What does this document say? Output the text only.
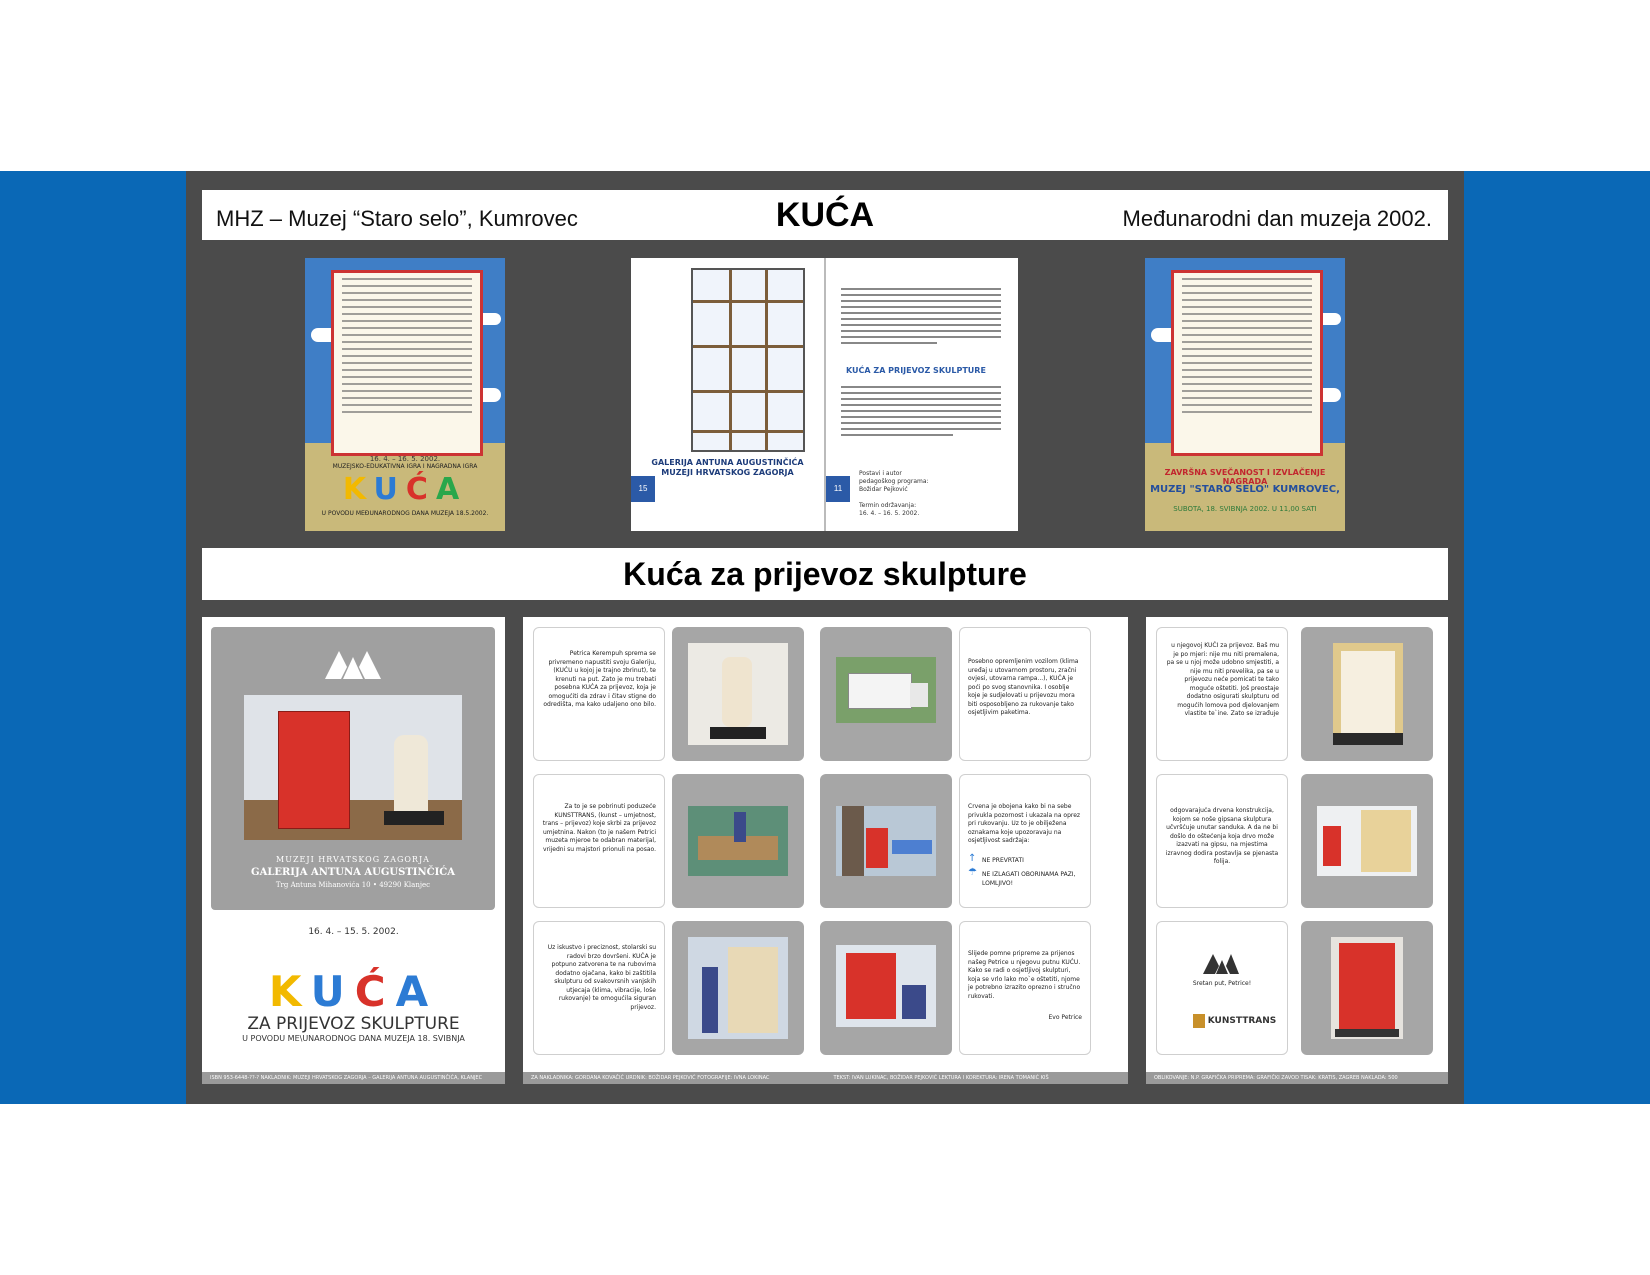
MHZ – Muzej “Staro selo”, Kumrovec	KUĆA	Međunarodni dan muzeja 2002.
16. 4. – 16. 5. 2002.
MUZEJSKO-EDUKATIVNA IGRA I NAGRADNA IGRA
KUĆA
U POVODU MEĐUNARODNOG DANA MUZEJA 18.5.2002.
KUĆA ZA PRIJEVOZ SKULPTURE
GALERIJA ANTUNA AUGUSTINČIĆA
MUZEJI HRVATSKOG ZAGORJA
15	11
Postavi i autor
pedagoškog programa:
Božidar Pejković
Termin održavanja:
16. 4. – 16. 5. 2002.
ZAVRŠNA SVEČANOST I IZVLAČENJE NAGRADA
MUZEJ "STARO SELO" KUMROVEC,
SUBOTA, 18. SVIBNJA 2002. U 11,00 SATI
Kuća za prijevoz skulpture
MUZEJI HRVATSKOG ZAGORJA
GALERIJA ANTUNA AUGUSTINČIĆA
Trg Antuna Mihanovića 10 • 49290 Klanjec
16. 4. – 15. 5. 2002.
KUĆA
ZA PRIJEVOZ SKULPTURE
U POVODU ME\UNARODNOG DANA MUZEJA 18. SVIBNJA
ISBN 953-6448-??-? NAKLADNIK: MUZEJI HRVATSKOG ZAGORJA – GALERIJA ANTUNA AUGUSTINČIĆA, KLANJEC
Petrica Kerempuh sprema se privremeno napustiti svoju Galeriju, (KUĆU u kojoj je trajno zbrinut), te krenuti na put. Zato je mu trebati posebna KUĆA za prijevoz, koja je omogućiti da zdrav i čitav stigne do odredišta, ma kako udaljeno ono bilo.
Posebno opremljenim vozilom (klima uređaj u utovarnom prostoru, zračni ovjesi, utovarna rampa...), KUĆA je poći po svog stanovnika. I osoblje koje je sudjelovati u prijevozu mora biti osposobljeno za rukovanje tako osjetljivim paketima.
Za to je se pobrinuti poduzeće KUNSTTRANS, (kunst – umjetnost, trans – prijevoz) koje skrbi za prijevoz umjetnina. Nakon (to je našem Petrici muzeta mjeroe te odabran materijal, vrijedni su majstori prionuli na posao.
Crvena je obojena kako bi na sebe privukla pozornost i ukazala na oprez pri rukovanju. Uz to je obilježena oznakama koje upozoravaju na osjetljivost sadržaja:
↑ NE PREVRTATI
☂ NE IZLAGATI OBORINAMA PAZI, LOMLJIVO!
Uz iskustvo i preciznost, stolarski su radovi brzo dovršeni. KUĆA je potpuno zatvorena te na rubovima dodatno ojačana, kako bi zaštitila skulpturu od svakovrsnih vanjskih utjecaja (klima, vibracije, loše rukovanje) te omogućila siguran prijevoz.
Slijede pomne pripreme za prijenos našeg Petrice u njegovu putnu KUĆU. Kako se radi o osjetljivoj skulpturi, koja se vrlo lako mo`e oštetiti, njome je potrebno izrazito oprezno i stručno rukovati.
Evo Petrice
ZA NAKLADNIKA: GORDANA KOVAČIĆ URDNIK: BOŽIDAR PEJKOVIĆ FOTOGRAFIJE: IVNA LOKINAC	TEKST: IVAN LUKINAC, BOŽIDAR PEJKOVIĆ LEKTURA I KOREKTURA: IRENA TOMANIĆ KIŠ
u njegovoj KUĆI za prijevoz. Baš mu je po mjeri: nije mu niti premalena, pa se u njoj može udobno smjestiti, a nije mu niti prevelika, pa se u prijevozu neće pomicati te tako moguće oštetiti. Još preostaje dodatno osigurati skulpturu od mogućih lomova pod djelovanjem vlastite te`ine. Zato se izrađuje
odgovarajuća drvena konstrukcija, kojom se noše gipsana skulptura učvršćuje unutar sanduka. A da ne bi došlo do oštećenja koja drvo može izazvati na gipsu, na mjestima izravnog dodira postavlja se pjenasta folija.
Sretan put, Petrice!
KUNSTTRANS
OBLIKOVANJE: N.P. GRAFIČKA PRIPREMA: GRAFIČKI ZAVOD TISAK: KRATIS, ZAGREB NAKLADA: 500
